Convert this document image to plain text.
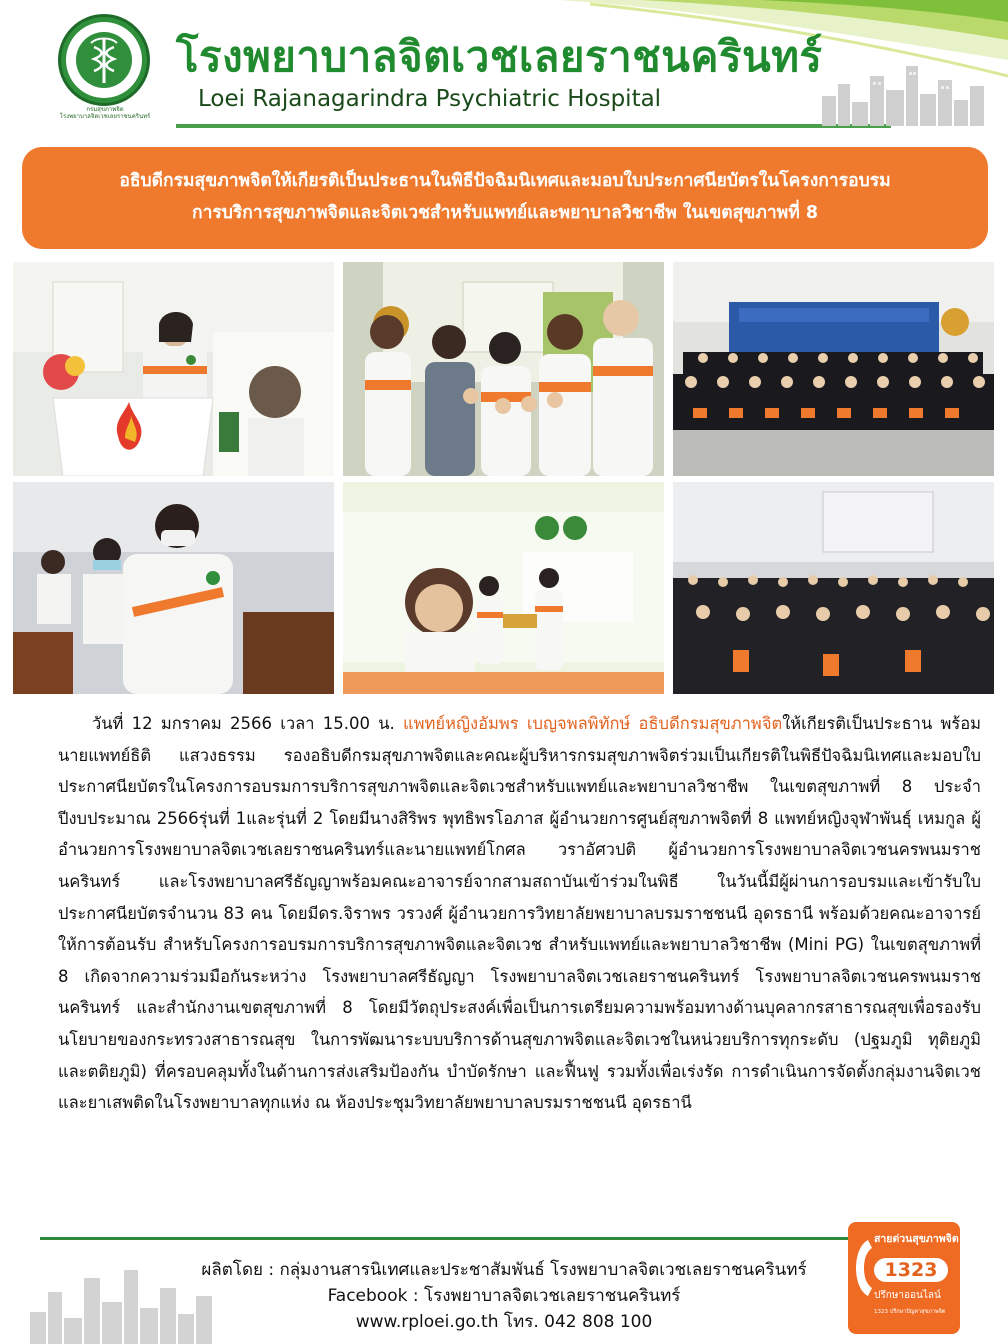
กรมสุขภาพจิต
โรงพยาบาลจิตเวชเลยราชนครินทร์
โรงพยาบาลจิตเวชเลยราชนครินทร์
Loei Rajanagarindra Psychiatric Hospital
อธิบดีกรมสุขภาพจิตให้เกียรติเป็นประธานในพิธีปัจฉิมนิเทศและมอบใบประกาศนียบัตรในโครงการอบรม
การบริการสุขภาพจิตและจิตเวชสำหรับแพทย์และพยาบาลวิชาชีพ ในเขตสุขภาพที่ 8

วันที่ 12 มกราคม 2566 เวลา 15.00 น. แพทย์หญิงอัมพร เบญจพลพิทักษ์ อธิบดีกรมสุขภาพจิตให้เกียรติเป็นประธาน พร้อมนายแพทย์ธิติ แสวงธรรม รองอธิบดีกรมสุขภาพจิตและคณะผู้บริหารกรมสุขภาพจิตร่วมเป็นเกียรติในพิธีปัจฉิมนิเทศและมอบใบประกาศนียบัตรในโครงการอบรมการบริการสุขภาพจิตและจิตเวชสำหรับแพทย์และพยาบาลวิชาชีพ ในเขตสุขภาพที่ 8 ประจำปีงบประมาณ 2566รุ่นที่ 1และรุ่นที่ 2 โดยมีนางสิริพร พุทธิพรโอภาส ผู้อำนวยการศูนย์สุขภาพจิตที่ 8 แพทย์หญิงจุฬาพันธุ์ เหมกูล ผู้อำนวยการโรงพยาบาลจิตเวชเลยราชนครินทร์และนายแพทย์โกศล วราอัศวปติ ผู้อำนวยการโรงพยาบาลจิตเวชนครพนมราชนครินทร์ และโรงพยาบาลศรีธัญญาพร้อมคณะอาจารย์จากสามสถาบันเข้าร่วมในพิธี ในวันนี้มีผู้ผ่านการอบรมและเข้ารับใบประกาศนียบัตรจำนวน 83 คน โดยมีดร.จิราพร วรวงศ์ ผู้อำนวยการวิทยาลัยพยาบาลบรมราชชนนี อุดรธานี พร้อมด้วยคณะอาจารย์ให้การต้อนรับ สำหรับโครงการอบรมการบริการสุขภาพจิตและจิตเวช สำหรับแพทย์และพยาบาลวิชาชีพ (Mini PG) ในเขตสุขภาพที่ 8 เกิดจากความร่วมมือกันระหว่าง โรงพยาบาลศรีธัญญา โรงพยาบาลจิตเวชเลยราชนครินทร์ โรงพยาบาลจิตเวชนครพนมราชนครินทร์ และสำนักงานเขตสุขภาพที่ 8 โดยมีวัตถุประสงค์เพื่อเป็นการเตรียมความพร้อมทางด้านบุคลากรสาธารณสุขเพื่อรองรับนโยบายของกระทรวงสาธารณสุข ในการพัฒนาระบบบริการด้านสุขภาพจิตและจิตเวชในหน่วยบริการทุกระดับ (ปฐมภูมิ ทุติยภูมิ และตติยภูมิ) ที่ครอบคลุมทั้งในด้านการส่งเสริมป้องกัน บำบัดรักษา และฟื้นฟู รวมทั้งเพื่อเร่งรัด การดำเนินการจัดตั้งกลุ่มงานจิตเวชและยาเสพติดในโรงพยาบาลทุกแห่ง ณ ห้องประชุมวิทยาลัยพยาบาลบรมราชชนนี อุดรธานี

ผลิตโดย : กลุ่มงานสารนิเทศและประชาสัมพันธ์ โรงพยาบาลจิตเวชเลยราชนครินทร์
Facebook : โรงพยาบาลจิตเวชเลยราชนครินทร์
www.rploei.go.th โทร. 042 808 100
สายด่วนสุขภาพจิต
1323
ปรึกษาออนไลน์
1323 ปรึกษาปัญหาสุขภาพจิต
